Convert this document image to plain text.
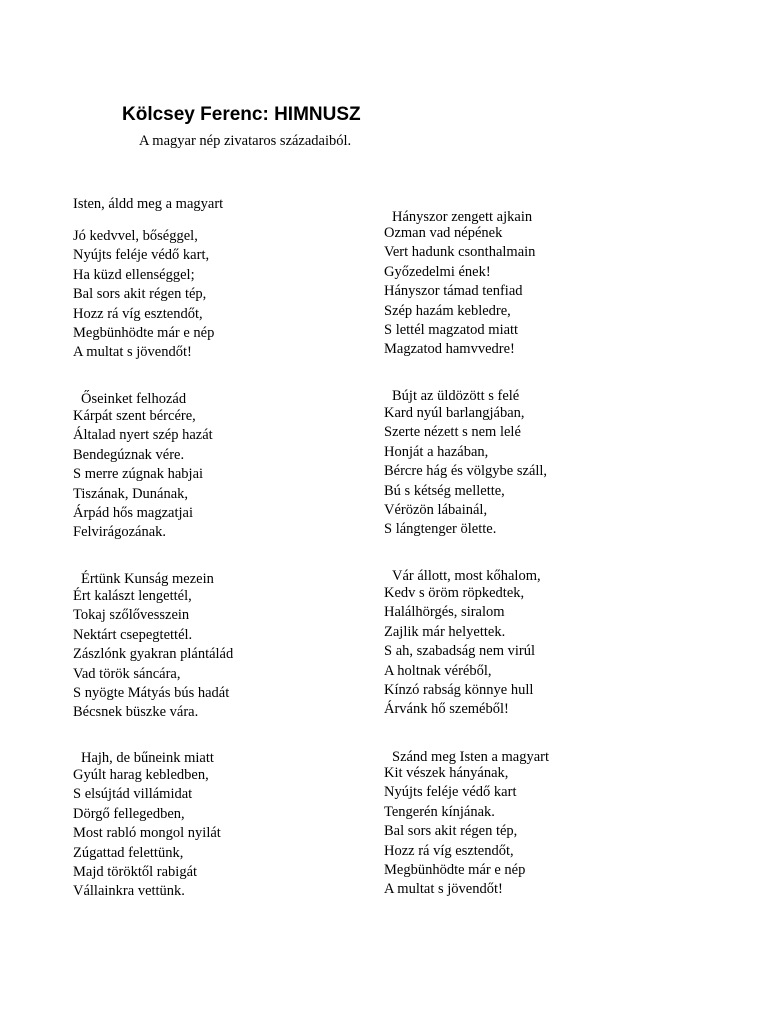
Kölcsey Ferenc: HIMNUSZ
A magyar nép zivataros századaiból.
Isten, áldd meg a magyart
Jó kedvvel, bőséggel,
Nyújts feléje védő kart,
Ha küzd ellenséggel;
Bal sors akit régen tép,
Hozz rá víg esztendőt,
Megbünhödte már e nép
A multat s jövendőt!
Hányszor zengett ajkain
Ozman vad népének
Vert hadunk csonthalmain
Győzedelmi ének!
Hányszor támad tenfiad
Szép hazám kebledre,
S lettél magzatod miatt
Magzatod hamvvedre!
Őseinket felhozád
Kárpát szent bércére,
Általad nyert szép hazát
Bendegúznak vére.
S merre zúgnak habjai
Tiszának, Dunának,
Árpád hős magzatjai
Felvirágozának.
Bújt az üldözött s felé
Kard nyúl barlangjában,
Szerte nézett s nem lelé
Honját a hazában,
Bércre hág és völgybe száll,
Bú s kétség mellette,
Vérözön lábainál,
S lángtenger ölette.
Értünk Kunság mezein
Ért kalászt lengettél,
Tokaj szőlővesszein
Nektárt csepegtettél.
Zászlónk gyakran plántálád
Vad török sáncára,
S nyögte Mátyás bús hadát
Bécsnek büszke vára.
Vár állott, most kőhalom,
Kedv s öröm röpkedtek,
Halálhörgés, siralom
Zajlik már helyettek.
S ah, szabadság nem virúl
A holtnak véréből,
Kínzó rabság könnye hull
Árvánk hő szeméből!
Hajh, de bűneink miatt
Gyúlt harag kebledben,
S elsújtád villámidat
Dörgő fellegedben,
Most rabló mongol nyilát
Zúgattad felettünk,
Majd töröktől rabigát
Vállainkra vettünk.
Szánd meg Isten a magyart
Kit vészek hányának,
Nyújts feléje védő kart
Tengerén kínjának.
Bal sors akit régen tép,
Hozz rá víg esztendőt,
Megbünhödte már e nép
A multat s jövendőt!
